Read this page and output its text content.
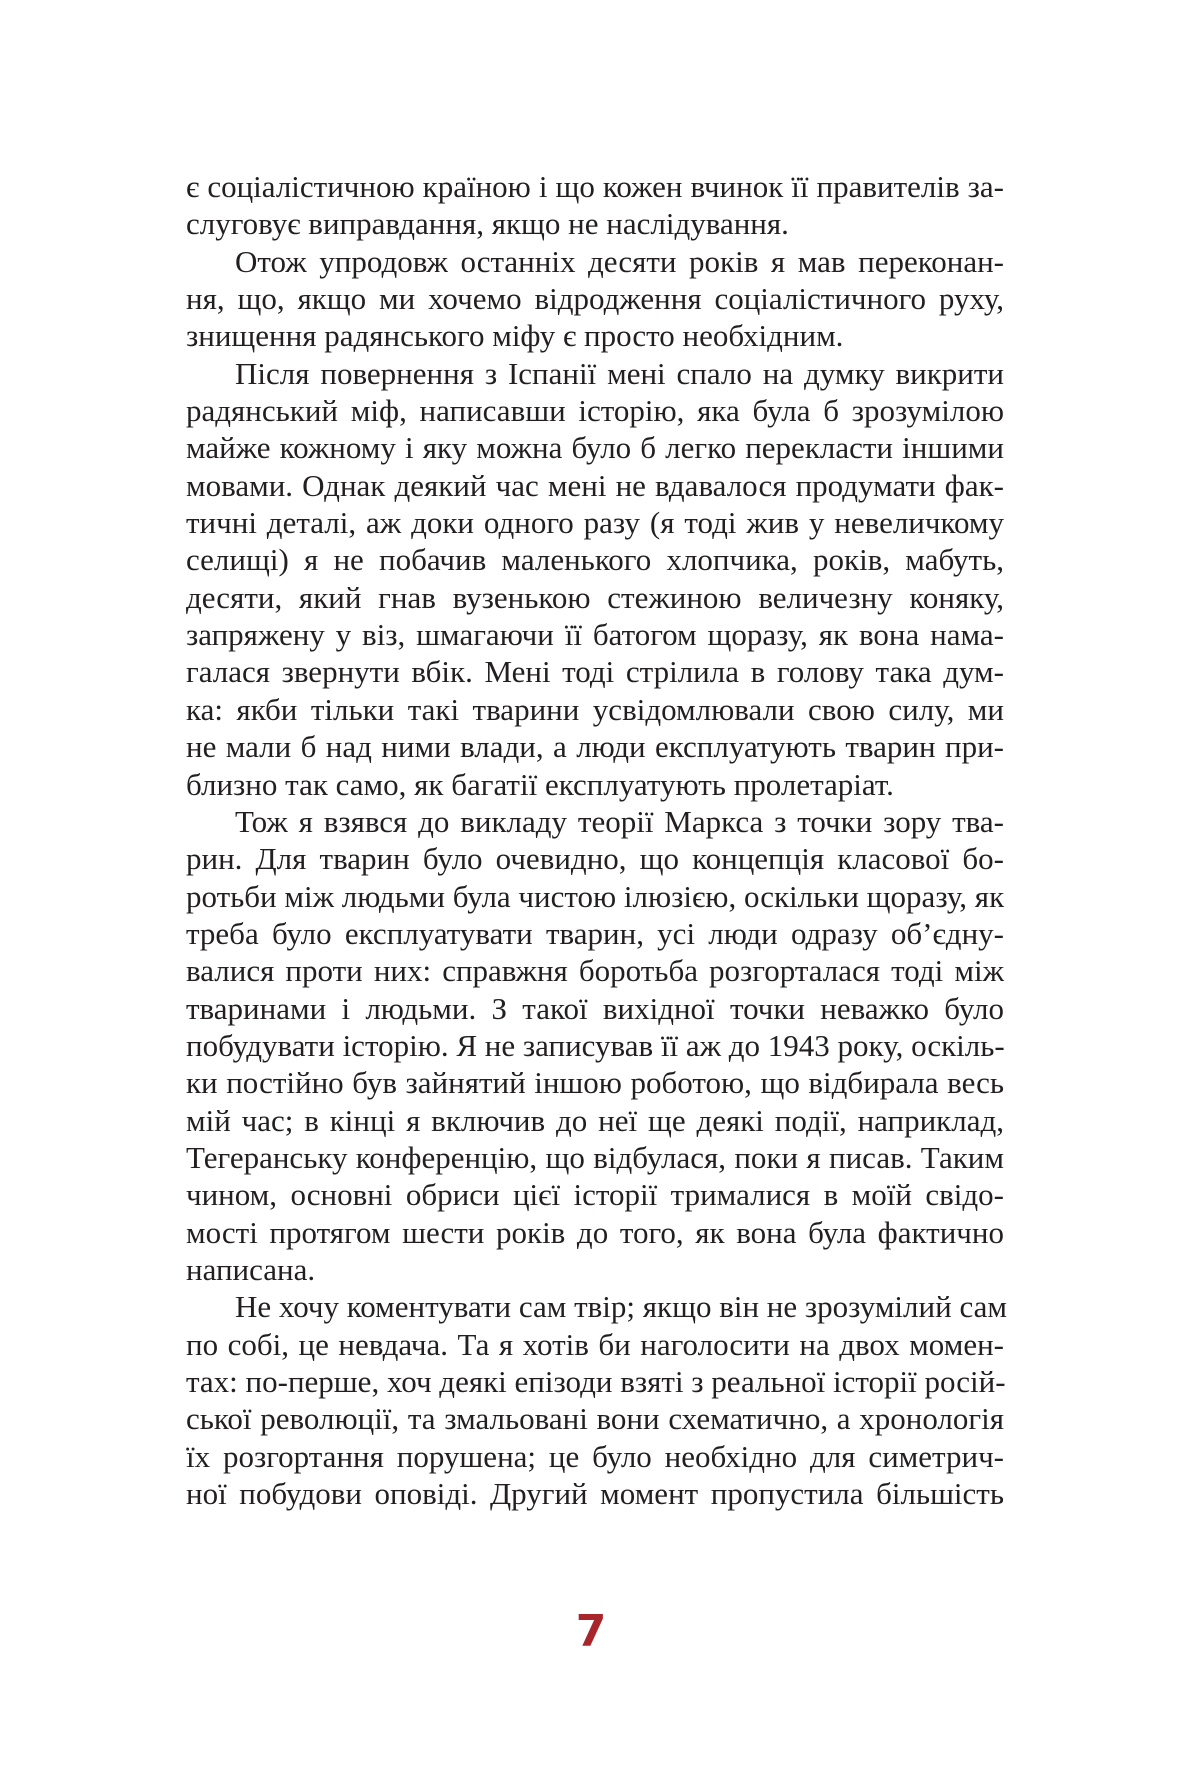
є соціалістичною країною і що кожен вчинок її правителів за-
слуговує виправдання, якщо не наслідування.

Отож упродовж останніх десяти років я мав переконан-
ня, що, якщо ми хочемо відродження соціалістичного руху,
знищення радянського міфу є просто необхідним.

Після повернення з Іспанії мені спало на думку викрити
радянський міф, написавши історію, яка була б зрозумілою
майже кожному і яку можна було б легко перекласти іншими
мовами. Однак деякий час мені не вдавалося продумати фак-
тичні деталі, аж доки одного разу (я тоді жив у невеличкому
селищі) я не побачив маленького хлопчика, років, мабуть,
десяти, який гнав вузенькою стежиною величезну коняку,
запряжену у віз, шмагаючи її батогом щоразу, як вона нама-
галася звернути вбік. Мені тоді стрілила в голову така дум-
ка: якби тільки такі тварини усвідомлювали свою силу, ми
не мали б над ними влади, а люди експлуатують тварин при-
близно так само, як багатії експлуатують пролетаріат.

Тож я взявся до викладу теорії Маркса з точки зору тва-
рин. Для тварин було очевидно, що концепція класової бо-
ротьби між людьми була чистою ілюзією, оскільки щоразу, як
треба було експлуатувати тварин, усі люди одразу об’єдну-
валися проти них: справжня боротьба розгорталася тоді між
тваринами і людьми. З такої вихідної точки неважко було
побудувати історію. Я не записував її аж до 1943 року, оскіль-
ки постійно був зайнятий іншою роботою, що відбирала весь
мій час; в кінці я включив до неї ще деякі події, наприклад,
Тегеранську конференцію, що відбулася, поки я писав. Таким
чином, основні обриси цієї історії трималися в моїй свідо-
мості протягом шести років до того, як вона була фактично
написана.

Не хочу коментувати сам твір; якщо він не зрозумілий сам
по собі, це невдача. Та я хотів би наголосити на двох момен-
тах: по-перше, хоч деякі епізоди взяті з реальної історії росій-
ської революції, та змальовані вони схематично, а хронологія
їх розгортання порушена; це було необхідно для симетрич-
ної побудови оповіді. Другий момент пропустила більшість

7
